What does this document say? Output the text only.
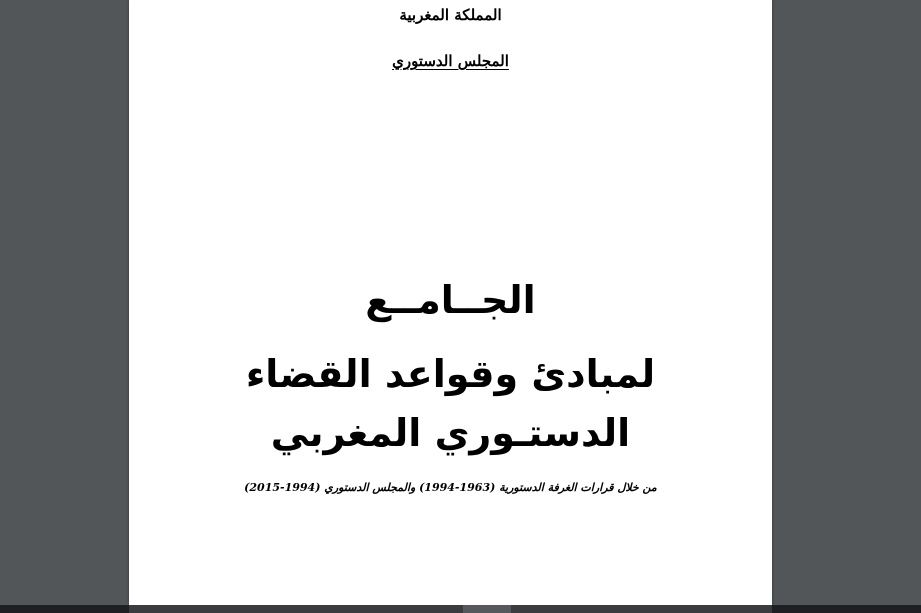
المملكة المغربية
المجلس الدستوري
الجــامــع
لمبادئ وقواعد القضاء
الدستـوري المغربي
من خلال قرارات الغرفة الدستورية (1963-1994) والمجلس الدستوري (1994-2015)
